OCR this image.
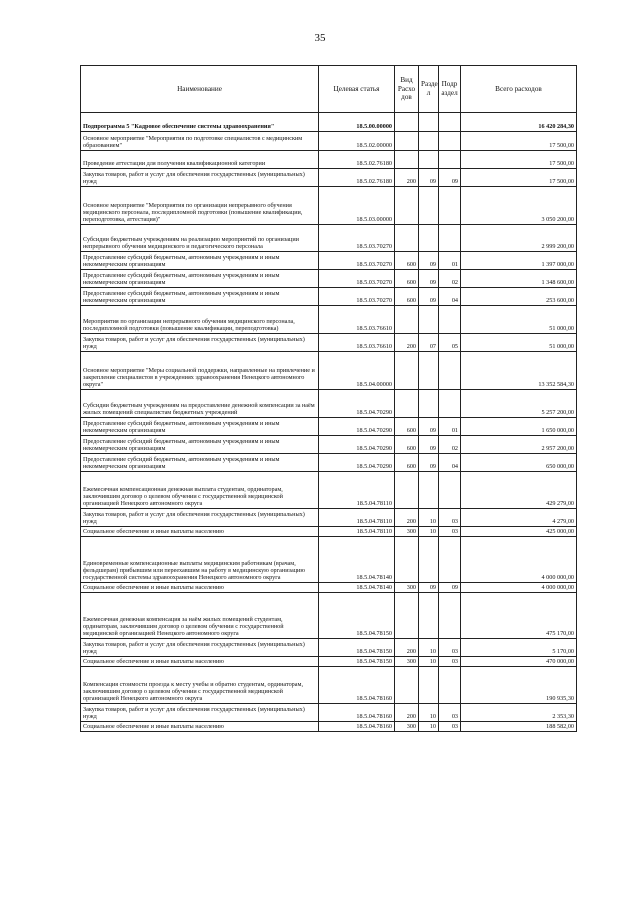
35
Наименование	Целевая статья	Вид Расхо дов	Разде л	Подр аздел	Всего расходов
Подпрограмма 5 "Кадровое обеспечение системы здравоохранения"	18.5.00.00000				16 420 284,30
Основное мероприятие "Мероприятия по подготовке специалистов с медицинским образованием"	18.5.02.00000				17 500,00
Проведение аттестации для получения квалификационной категории	18.5.02.76180				17 500,00
Закупка товаров, работ и услуг для обеспечения государственных (муниципальных) нужд	18.5.02.76180	200	09	09	17 500,00
Основное мероприятие "Мероприятия по организации непрерывного обучения медицинского персонала, последипломной подготовки (повышение квалификации, переподготовка, аттестация)"	18.5.03.00000				3 050 200,00
Субсидии бюджетным учреждениям на реализацию мероприятий по организации непрерывного обучения медицинского и педагогического персонала	18.5.03.70270				2 999 200,00
Предоставление субсидий бюджетным, автономным учреждениям и иным некоммерческим организациям	18.5.03.70270	600	09	01	1 397 000,00
Предоставление субсидий бюджетным, автономным учреждениям и иным некоммерческим организациям	18.5.03.70270	600	09	02	1 348 600,00
Предоставление субсидий бюджетным, автономным учреждениям и иным некоммерческим организациям	18.5.03.70270	600	09	04	253 600,00
Мероприятия по организации непрерывного обучения медицинского персонала, последипломной подготовки (повышение квалификации, переподготовка)	18.5.03.76610				51 000,00
Закупка товаров, работ и услуг для обеспечения государственных (муниципальных) нужд	18.5.03.76610	200	07	05	51 000,00
Основное мероприятие "Меры социальной поддержки, направленные на привлечение и закрепление специалистов в учреждениях здравоохранения Ненецкого автономного округа"	18.5.04.00000				13 352 584,30
Субсидии бюджетным учреждениям на предоставление денежной компенсации за наём жилых помещений специалистам бюджетных учреждений	18.5.04.70290				5 257 200,00
Предоставление субсидий бюджетным, автономным учреждениям и иным некоммерческим организациям	18.5.04.70290	600	09	01	1 650 000,00
Предоставление субсидий бюджетным, автономным учреждениям и иным некоммерческим организациям	18.5.04.70290	600	09	02	2 957 200,00
Предоставление субсидий бюджетным, автономным учреждениям и иным некоммерческим организациям	18.5.04.70290	600	09	04	650 000,00
Ежемесячная компенсационная денежная выплата студентам, ординаторам, заключившим договор о целевом обучении с государственной медицинской организацией Ненецкого автономного округа	18.5.04.78110				429 279,00
Закупка товаров, работ и услуг для обеспечения государственных (муниципальных) нужд	18.5.04.78110	200	10	03	4 279,00
Социальное обеспечение и иные выплаты населению	18.5.04.78110	300	10	03	425 000,00
Единовременные компенсационные выплаты медицинским работникам (врачам, фельдшерам) прибывшим или переехавшим на работу в медицинскую организацию государственной системы здравоохранения Ненецкого автономного округа	18.5.04.78140				4 000 000,00
Социальное обеспечение и иные выплаты населению	18.5.04.78140	300	09	09	4 000 000,00
Ежемесячная денежная компенсация за наём жилых помещений студентам, ординаторам, заключившим договор о целевом обучении с государственной медицинской организацией Ненецкого автономного округа	18.5.04.78150				475 170,00
Закупка товаров, работ и услуг для обеспечения государственных (муниципальных) нужд	18.5.04.78150	200	10	03	5 170,00
Социальное обеспечение и иные выплаты населению	18.5.04.78150	300	10	03	470 000,00
Компенсация стоимости проезда к месту учебы и обратно студентам, ординаторам, заключившим договор о целевом обучении с государственной медицинской организацией Ненецкого автономного округа	18.5.04.78160				190 935,30
Закупка товаров, работ и услуг для обеспечения государственных (муниципальных) нужд	18.5.04.78160	200	10	03	2 353,30
Социальное обеспечение и иные выплаты населению	18.5.04.78160	300	10	03	188 582,00
